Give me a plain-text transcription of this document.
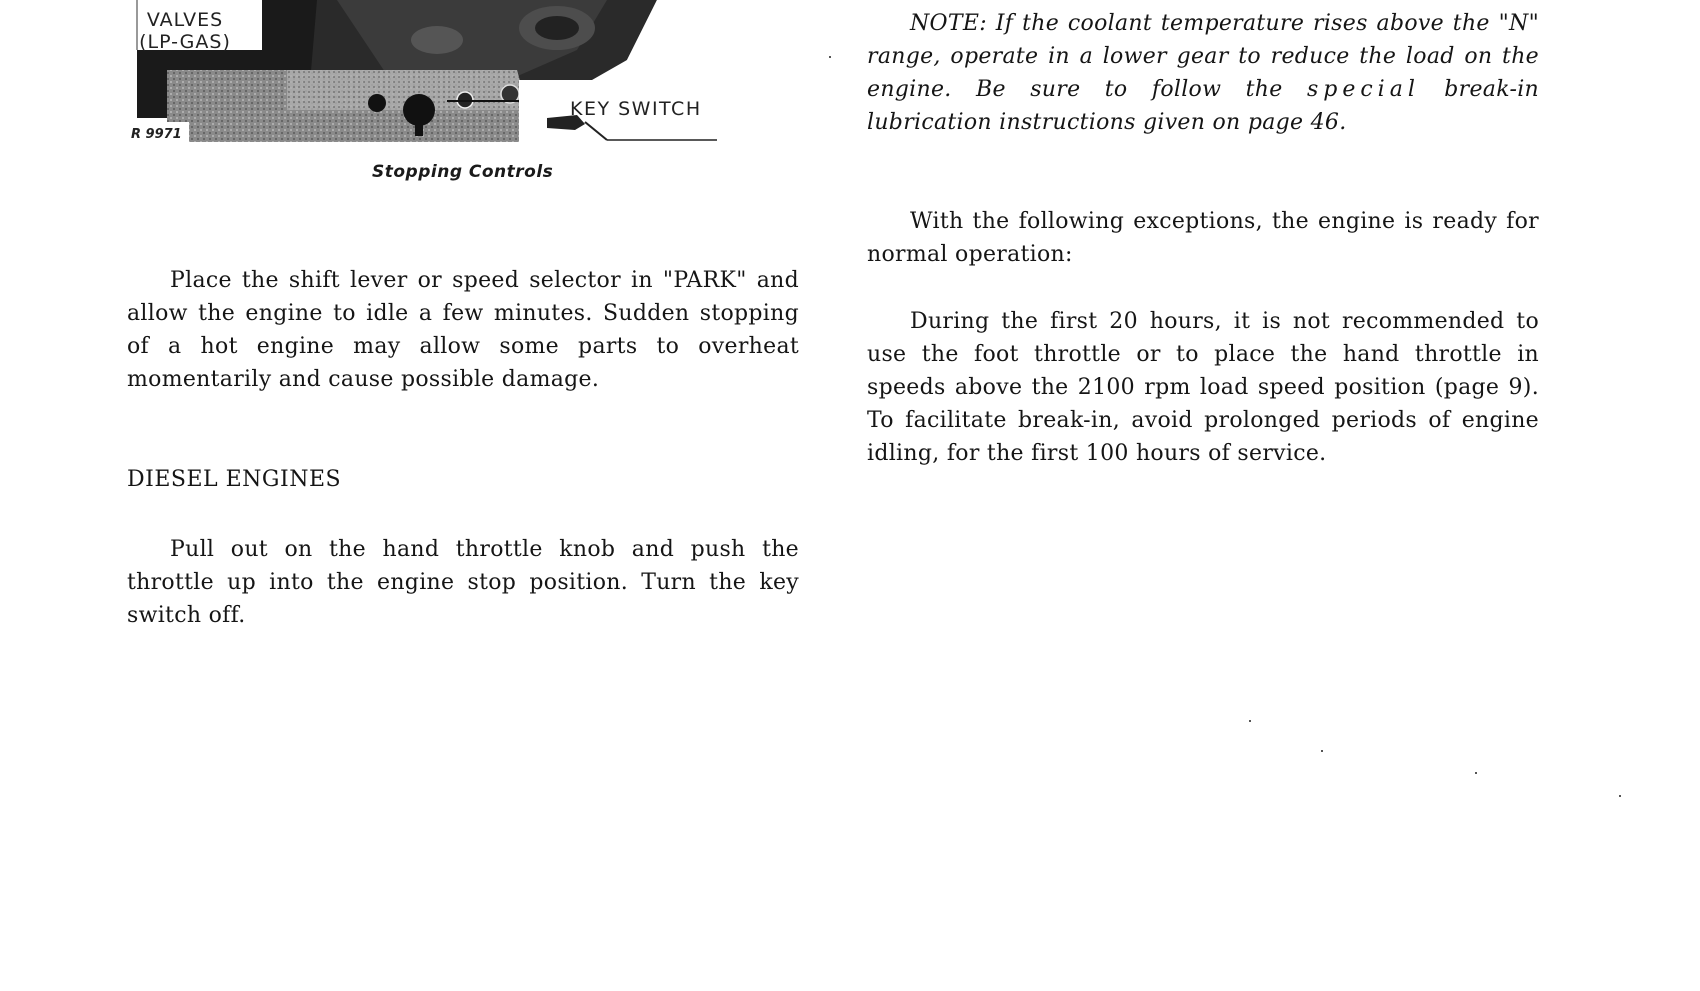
VALVES
(LP-GAS)
KEY SWITCH
R 9971
Stopping Controls

Place the shift lever or speed selector in "PARK" and allow the engine to idle a few minutes. Sudden stopping of a hot engine may allow some parts to overheat momentarily and cause possible damage.

DIESEL ENGINES

Pull out on the hand throttle knob and push the throttle up into the engine stop position. Turn the key switch off.

NOTE: If the coolant temperature rises above the "N" range, operate in a lower gear to reduce the load on the engine. Be sure to follow the special break-in lubrication instructions given on page 46.

With the following exceptions, the engine is ready for normal operation:

During the first 20 hours, it is not recommended to use the foot throttle or to place the hand throttle in speeds above the 2100 rpm load speed position (page 9). To facilitate break-in, avoid prolonged periods of engine idling, for the first 100 hours of service.
